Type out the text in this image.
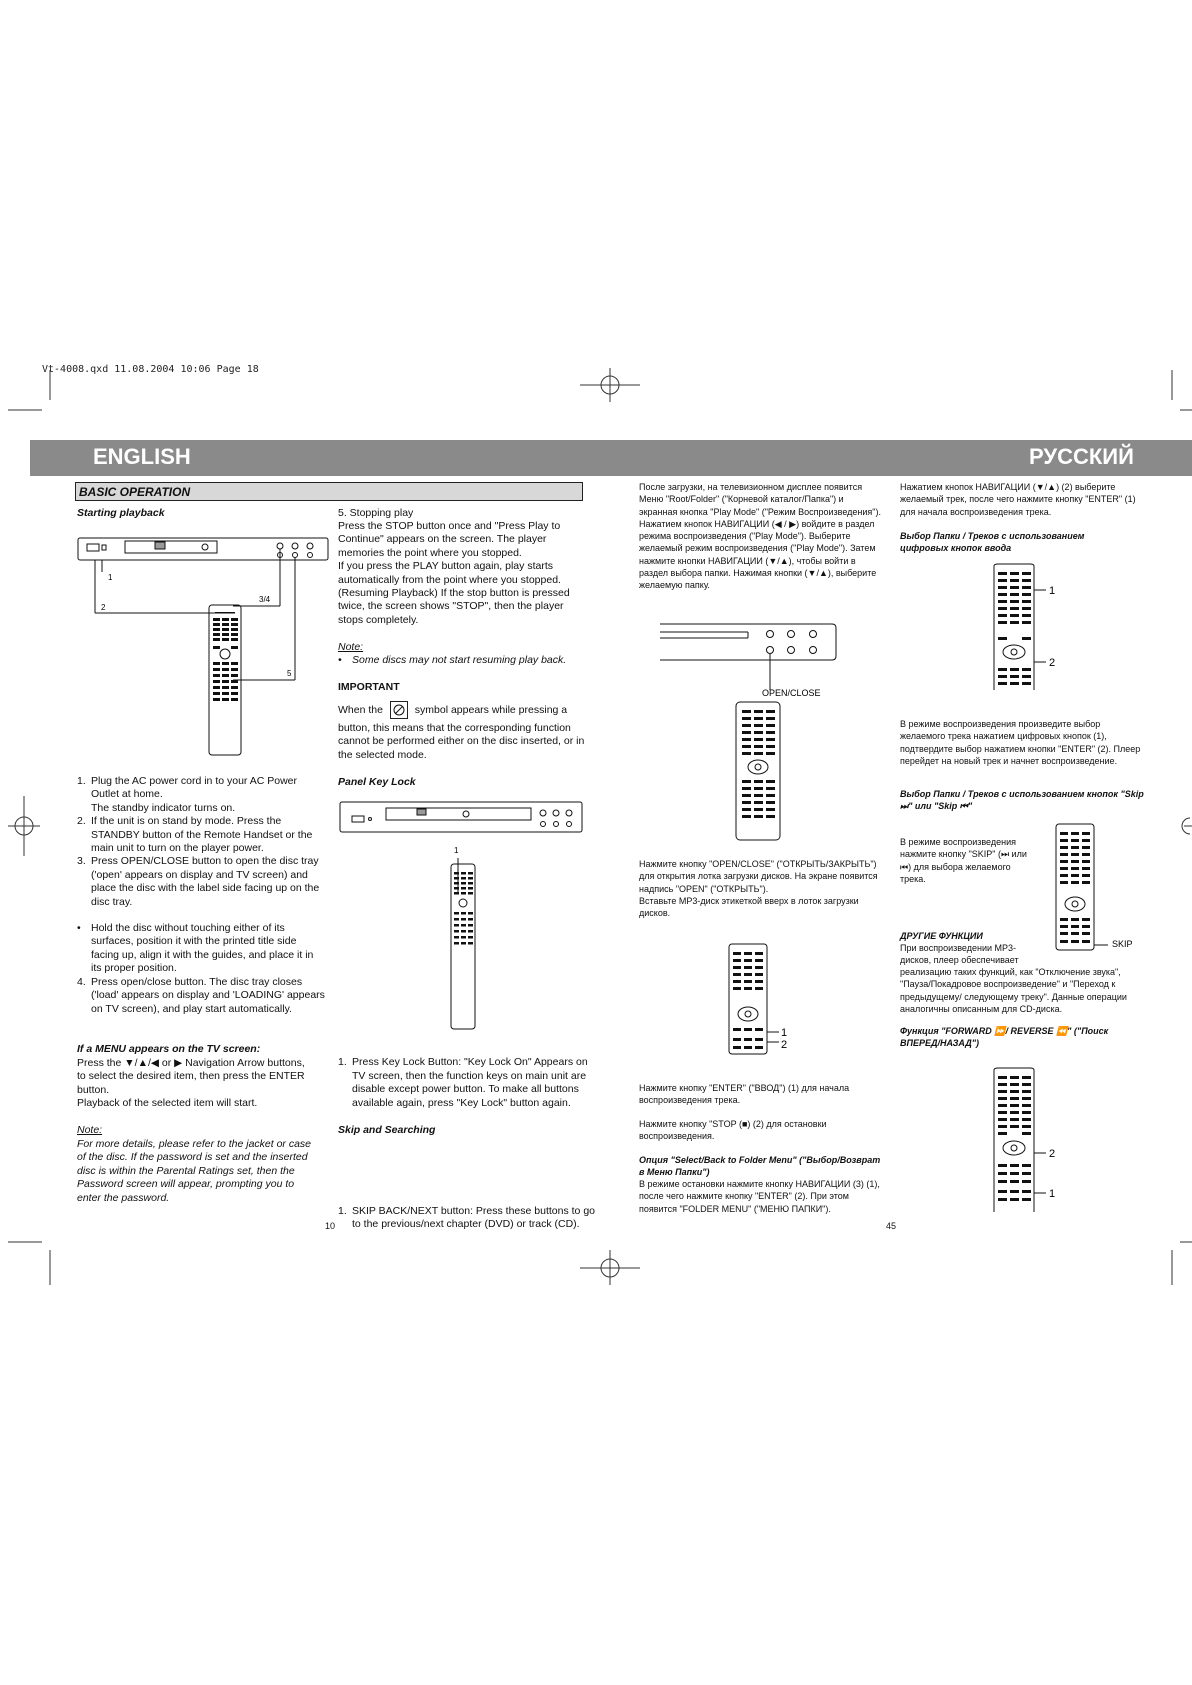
Vt-4008.qxd 11.08.2004 10:06 Page 18
ENGLISH	РУССКИЙ
BASIC OPERATION
Starting playback
1
2
3/4
5
1. Plug the AC power cord in to your AC Power Outlet at home.
The standby indicator turns on.
2. If the unit is on stand by mode. Press the STANDBY button of the Remote Handset or the main unit to turn on the player power.
3. Press OPEN/CLOSE button to open the disc tray ('open' appears on display and TV screen) and place the disc with the label side facing up on the disc tray.
• Hold the disc without touching either of its surfaces, position it with the printed title side facing up, align it with the guides, and place it in its proper position.
4. Press open/close button. The disc tray closes ('load' appears on display and 'LOADING' appears on TV screen), and play start automatically.
If a MENU appears on the TV screen:
Press the ▼/▲/◀ or ▶ Navigation Arrow buttons, to select the desired item, then press the ENTER button.
Playback of the selected item will start.
Note:
For more details, please refer to the jacket or case of the disc. If the password is set and the inserted disc is within the Parental Ratings set, then the Password screen will appear, prompting you to enter the password.
5. Stopping play
Press the STOP button once and "Press Play to Continue" appears on the screen. The player memories the point where you stopped.
If you press the PLAY button again, play starts automatically from the point where you stopped. (Resuming Playback) If the stop button is pressed twice, the screen shows "STOP", then the player stops completely.
Note:
• Some discs may not start resuming play back.
IMPORTANT
When the	symbol appears while pressing a
button, this means that the corresponding function cannot be performed either on the disc inserted, or in the selected mode.
Panel Key Lock
1
1. Press Key Lock Button: "Key Lock On" Appears on TV screen, then the function keys on main unit are disable except power button. To make all buttons available again, press "Key Lock" button again.
Skip and Searching
1. SKIP BACK/NEXT button: Press these buttons to go to the previous/next chapter (DVD) or track (CD).
10
После загрузки, на телевизионном дисплее появится Меню "Root/Folder" ("Корневой каталог/Папка") и экранная кнопка "Play Mode" ("Режим Воспроизведения"). Нажатием кнопок НАВИГАЦИИ (◀ / ▶) войдите в раздел режима воспроизведения ("Play Mode"). Выберите желаемый режим воспроизведения ("Play Mode"). Затем нажмите кнопки НАВИГАЦИИ (▼/▲), чтобы войти в раздел выбора папки. Нажимая кнопки (▼/▲), выберите желаемую папку.
OPEN/CLOSE
Нажмите кнопку "OPEN/CLOSE" ("ОТКРЫТЬ/ЗАКРЫТЬ") для открытия лотка загрузки дисков. На экране появится надпись "OPEN" ("ОТКРЫТЬ").
Вставьте MP3-диск этикеткой вверх в лоток загрузки дисков.
1
2
Нажмите кнопку "ENTER" ("ВВОД") (1) для начала воспроизведения трека.
Нажмите кнопку "STOP (■) (2) для остановки воспроизведения.
Опция "Select/Back to Folder Menu" ("Выбор/Возврат в Меню Папки")
В режиме остановки нажмите кнопку НАВИГАЦИИ (3) (1), после чего нажмите кнопку "ENTER" (2). При этом появится "FOLDER MENU" ("МЕНЮ ПАПКИ").
Нажатием кнопок НАВИГАЦИИ (▼/▲) (2) выберите желаемый трек, после чего нажмите кнопку "ENTER" (1) для начала воспроизведения трека.
Выбор Папки / Треков с использованием цифровых кнопок ввода
1
2
В режиме воспроизведения произведите выбор желаемого трека нажатием цифровых кнопок (1), подтвердите выбор нажатием кнопки "ENTER" (2). Плеер перейдет на новый трек и начнет воспроизведение.
Выбор Папки / Треков с использованием кнопок "Skip ⏭" или "Skip ⏮"
В режиме воспроизведения нажмите кнопку "SKIP" (⏭ или ⏮) для выбора желаемого трека.
SKIP
ДРУГИЕ ФУНКЦИИ
При воспроизведении MP3-дисков, плеер обеспечивает
реализацию таких функций, как "Отключение звука", "Пауза/Покадровое воспроизведение" и "Переход к предыдущему/ следующему треку". Данные операции аналогичны описанным для CD-диска.
Функция "FORWARD ⏩/ REVERSE ⏪" ("Поиск ВПЕРЕД/НАЗАД")
2
1
45
